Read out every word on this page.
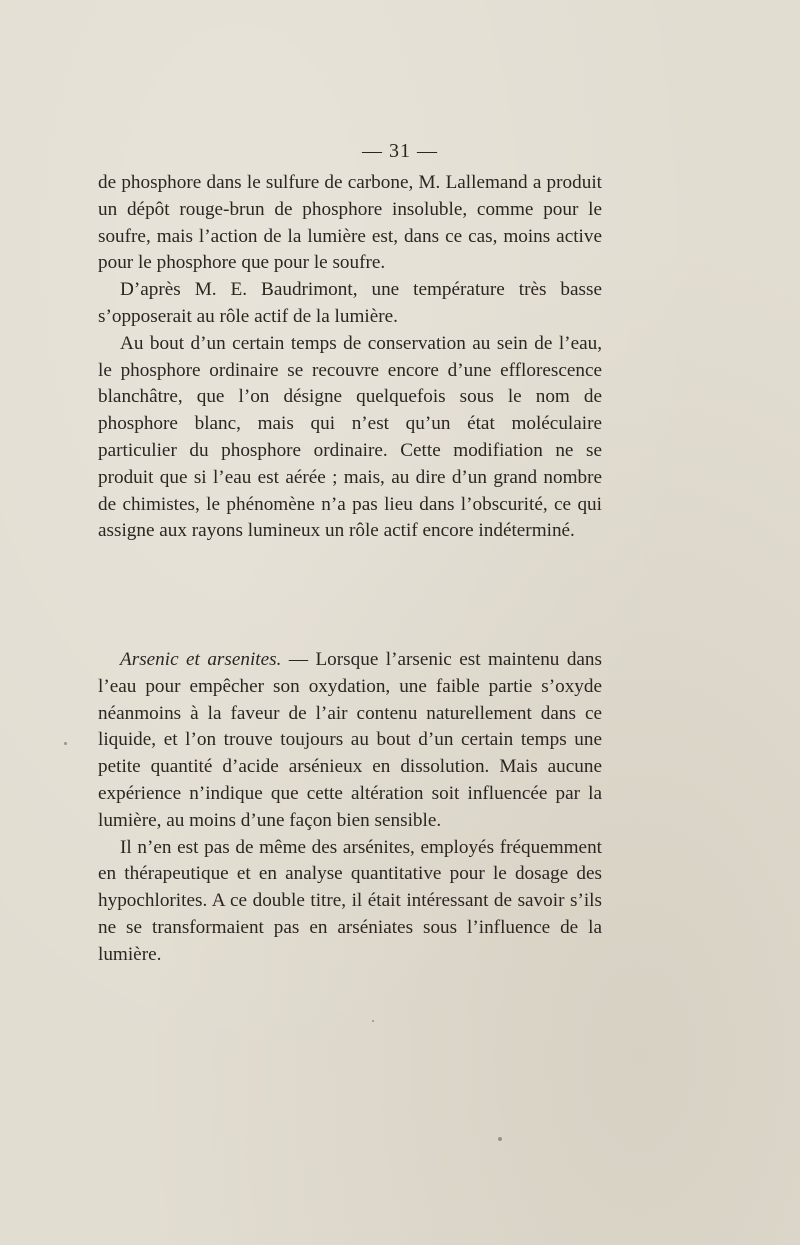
— 31 —

de phosphore dans le sulfure de carbone, M. Lallemand a produit un dépôt rouge-brun de phosphore insoluble, comme pour le soufre, mais l’action de la lumière est, dans ce cas, moins active pour le phosphore que pour le soufre.

D’après M. E. Baudrimont, une température très basse s’opposerait au rôle actif de la lumière.

Au bout d’un certain temps de conservation au sein de l’eau, le phosphore ordinaire se recouvre encore d’une efflorescence blanchâtre, que l’on désigne quelquefois sous le nom de phosphore blanc, mais qui n’est qu’un état moléculaire particulier du phosphore ordinaire. Cette modifiation ne se produit que si l’eau est aérée ; mais, au dire d’un grand nombre de chimistes, le phénomène n’a pas lieu dans l’obscurité, ce qui assigne aux rayons lumineux un rôle actif encore indéterminé.

Arsenic et arsenites. — Lorsque l’arsenic est maintenu dans l’eau pour empêcher son oxydation, une faible partie s’oxyde néanmoins à la faveur de l’air contenu naturellement dans ce liquide, et l’on trouve toujours au bout d’un certain temps une petite quantité d’acide arsénieux en dissolution. Mais aucune expérience n’indique que cette altération soit influencée par la lumière, au moins d’une façon bien sensible.

Il n’en est pas de même des arsénites, employés fréquemment en thérapeutique et en analyse quantitative pour le dosage des hypochlorites. A ce double titre, il était intéressant de savoir s’ils ne se transformaient pas en arséniates sous l’influence de la lumière.
